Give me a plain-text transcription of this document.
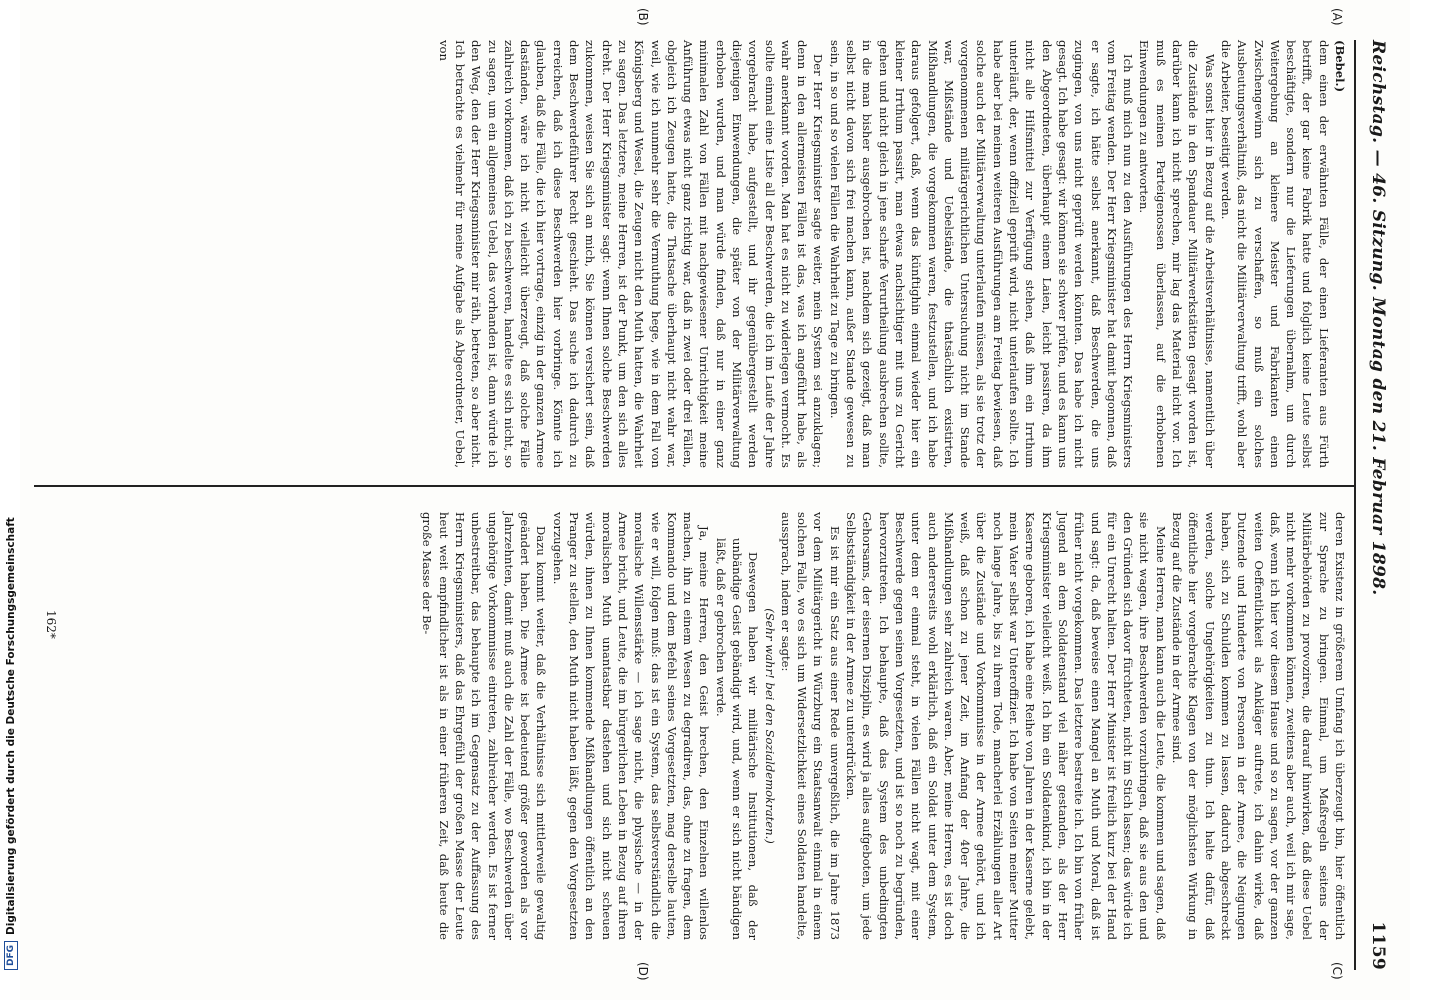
DFG
Digitalisierung gefördert durch die Deutsche Forschungsgemeinschaft
Reichstag. — 46. Sitzung. Montag den 21. Februar 1898.
1159
(A)
(B)
(C)
(D)

(Bebel.)

dem einen der erwähnten Fälle, der einen Lieferanten aus Fürth betrifft, der gar keine Fabrik hatte und folglich keine Leute selbst beschäftigte, sondern nur die Lieferungen übernahm, um durch Weitergebung an kleinere Meister und Fabrikanten einen Zwischengewinn sich zu verschaffen, so muß ein solches Ausbeutungsverhältniß, das nicht die Militärverwaltung trifft, wohl aber die Arbeiter, beseitigt werden.

Was sonst hier in Bezug auf die Arbeitsverhältnisse, namentlich über die Zustände in den Spandauer Militärwerkstätten gesagt worden ist, darüber kann ich nicht sprechen, mir lag das Material nicht vor. Ich muß es meinen Parteigenossen überlassen, auf die erhobenen Einwendungen zu antworten.

Ich muß mich nun zu den Ausführungen des Herrn Kriegsministers vom Freitag wenden. Der Herr Kriegsminister hat damit begonnen, daß er sagte, ich hätte selbst anerkannt, daß Beschwerden, die uns zugingen, von uns nicht geprüft werden könnten. Das habe ich nicht gesagt. Ich habe gesagt: wir können sie schwer prüfen, und es kann uns den Abgeordneten, überhaupt einem Laien, leicht passiren, da ihm nicht alle Hilfsmittel zur Verfügung stehen, daß ihm ein Irrthum unterläuft, der, wenn offiziell geprüft wird, nicht unterlaufen sollte. Ich habe aber bei meinen weiteren Ausführungen am Freitag bewiesen, daß solche auch der Militärverwaltung unterlaufen müssen, als sie trotz der vorgenommenen militärgerichtlichen Untersuchung nicht im Stande war, Mißstände und Uebelstände, die thatsächlich existirten, Mißhandlungen, die vorgekommen waren, festzustellen, und ich habe daraus gefolgert, daß, wenn das künftighin einmal wieder hier ein kleiner Irrthum passirt, man etwas nachsichtiger mit uns zu Gericht gehen und nicht gleich in jene scharfe Verurtheilung ausbrechen sollte, in die man bisher ausgebrochen ist, nachdem sich gezeigt, daß man selbst nicht davon sich frei machen kann, außer Stande gewesen zu sein, in so und so vielen Fällen die Wahrheit zu Tage zu bringen.

Der Herr Kriegsminister sagte weiter, mein System sei anzuklagen; denn in den allermeisten Fällen ist das, was ich angeführt habe, als wahr anerkannt worden. Man hat es nicht zu widerlegen vermocht. Es sollte einmal eine Liste all der Beschwerden, die ich im Laufe der Jahre vorgebracht habe, aufgestellt, und ihr gegenübergestellt werden diejenigen Einwendungen, die später von der Militärverwaltung erhoben wurden, und man würde finden, daß nur in einer ganz minimalen Zahl von Fällen mit nachgewiesener Unrichtigkeit meine Anführung etwas nicht ganz richtig war, daß in zwei oder drei Fällen, obgleich ich Zeugen hatte, die Thatsache überhaupt nicht wahr war, weil, wie ich nunmehr sehr die Vermuthung hege, wie in dem Fall von Königsberg und Wesel, die Zeugen nicht den Muth hatten, die Wahrheit zu sagen. Das letztere, meine Herren, ist der Punkt, um den sich alles dreht. Der Herr Kriegsminister sagt: wenn Ihnen solche Beschwerden zukommen, weisen Sie sich an mich, Sie können versichert sein, daß dem Beschwerdeführer Recht geschieht. Das suche ich dadurch zu erreichen, daß ich diese Beschwerden hier vorbringe. Könnte ich glauben, daß die Fälle, die ich hier vortrage, einzig in der ganzen Armee daständen, wäre ich nicht vielleicht überzeugt, daß solche Fälle zahlreich vorkommen, daß ich zu beschweren, handelte es sich nicht, so zu sagen, um ein allgemeines Uebel, das vorhanden ist, dann würde ich den Weg, den der Herr Kriegsminister mir räth, betreten, so aber nicht. Ich betrachte es vielmehr für meine Aufgabe als Abgeordneter, Uebel, von

deren Existenz in größerem Umfang ich überzeugt bin, hier öffentlich zur Sprache zu bringen. Einmal, um Maßregeln seitens der Militärbehörden zu provoziren, die darauf hinwirken, daß diese Uebel nicht mehr vorkommen können, zweitens aber auch, weil ich mir sage, daß, wenn ich hier vor diesem Hause und so zu sagen, vor der ganzen weiten Oeffentlichkeit als Ankläger auftrete, ich dahin wirke, daß Dutzende und Hunderte von Personen in der Armee, die Neigungen haben, sich zu Schulden kommen zu lassen, dadurch abgeschreckt werden, solche Ungehörigkeiten zu thun. Ich halte dafür, daß öffentliche hier vorgebrachte Klagen von der möglichsten Wirkung in Bezug auf die Zustände in der Armee sind.

Meine Herren, man kann auch die Leute, die kommen und sagen, daß sie nicht wagen, ihre Beschwerden vorzubringen, daß sie aus den und den Gründen sich davor fürchteten, nicht im Stich lassen; das würde ich für ein Unrecht halten. Der Herr Minister ist freilich kurz bei der Hand und sagt: da, daß beweise einen Mangel an Muth und Moral, daß ist früher nicht vorgekommen. Das letztere bestreite ich. Ich bin von früher Jugend an dem Soldatenstand viel näher gestanden, als der Herr Kriegsminister vielleicht weiß. Ich bin ein Soldatenkind, ich bin in der Kaserne geboren, ich habe eine Reihe von Jahren in der Kaserne gelebt, mein Vater selbst war Unteroffizier. Ich habe von Seiten meiner Mutter noch lange Jahre, bis zu ihrem Tode, mancherlei Erzählungen aller Art über die Zustände und Vorkommnisse in der Armee gehört, und ich weiß, daß schon zu jener Zeit, im Anfang der 40er Jahre, die Mißhandlungen sehr zahlreich waren. Aber, meine Herren, es ist doch auch andererseits wohl erklärlich, daß ein Soldat unter dem System, unter dem er einmal steht, in vielen Fällen nicht wagt, mit einer Beschwerde gegen seinen Vorgesetzten, und ist so noch zu begründen, hervorzutreten. Ich behaupte, daß das System des unbedingten Gehorsams, der eisernen Disziplin, es wird ja alles aufgeboten, um jede Selbstständigkeit in der Armee zu unterdrücken.

Es ist mir ein Satz aus einer Rede unvergeßlich, die im Jahre 1873 vor dem Militärgericht in Würzburg ein Staatsanwalt einmal in einem solchen Falle, wo es sich um Widersetzlichkeit eines Soldaten handelte, aussprach, indem er sagte:

(Sehr wahr! bei den Sozialdemokraten.)

Deswegen haben wir militärische Institutionen, daß der unbändige Geist gebändigt wird, und, wenn er sich nicht bändigen läßt, daß er gebrochen werde.

Ja, meine Herren, den Geist brechen, den Einzelnen willenlos machen, ihn zu einem Wesen zu degradiren, das, ohne zu fragen, dem Kommando und dem Befehl seines Vorgesetzten, mag derselbe lauten, wie er will, folgen muß: das ist ein System, das selbstverständlich die moralische Willensstärke — ich sage nicht, die physische — in der Armee bricht, und Leute, die im bürgerlichen Leben in Bezug auf ihren moralischen Muth unantastbar dastehen und sich nicht scheuen würden, ihnen zu Ihnen kommende Mißhandlungen öffentlich an den Pranger zu stellen, den Muth nicht haben läßt, gegen den Vorgesetzten vorzugehen.

Dazu kommt weiter, daß die Verhältnisse sich mittlerweile gewaltig geändert haben. Die Armee ist bedeutend größer geworden als vor Jahrzehnten, damit muß auch die Zahl der Fälle, wo Beschwerden über ungehörige Vorkommnisse eintreten, zahlreicher werden. Es ist ferner unbestreitbar, das behaupte ich im Gegensatz zu der Auffassung des Herrn Kriegsministers, daß das Ehrgefühl der großen Masse der Leute heut weit empfindlicher ist als in einer früheren Zeit, daß heute die große Masse der Be-

162*
